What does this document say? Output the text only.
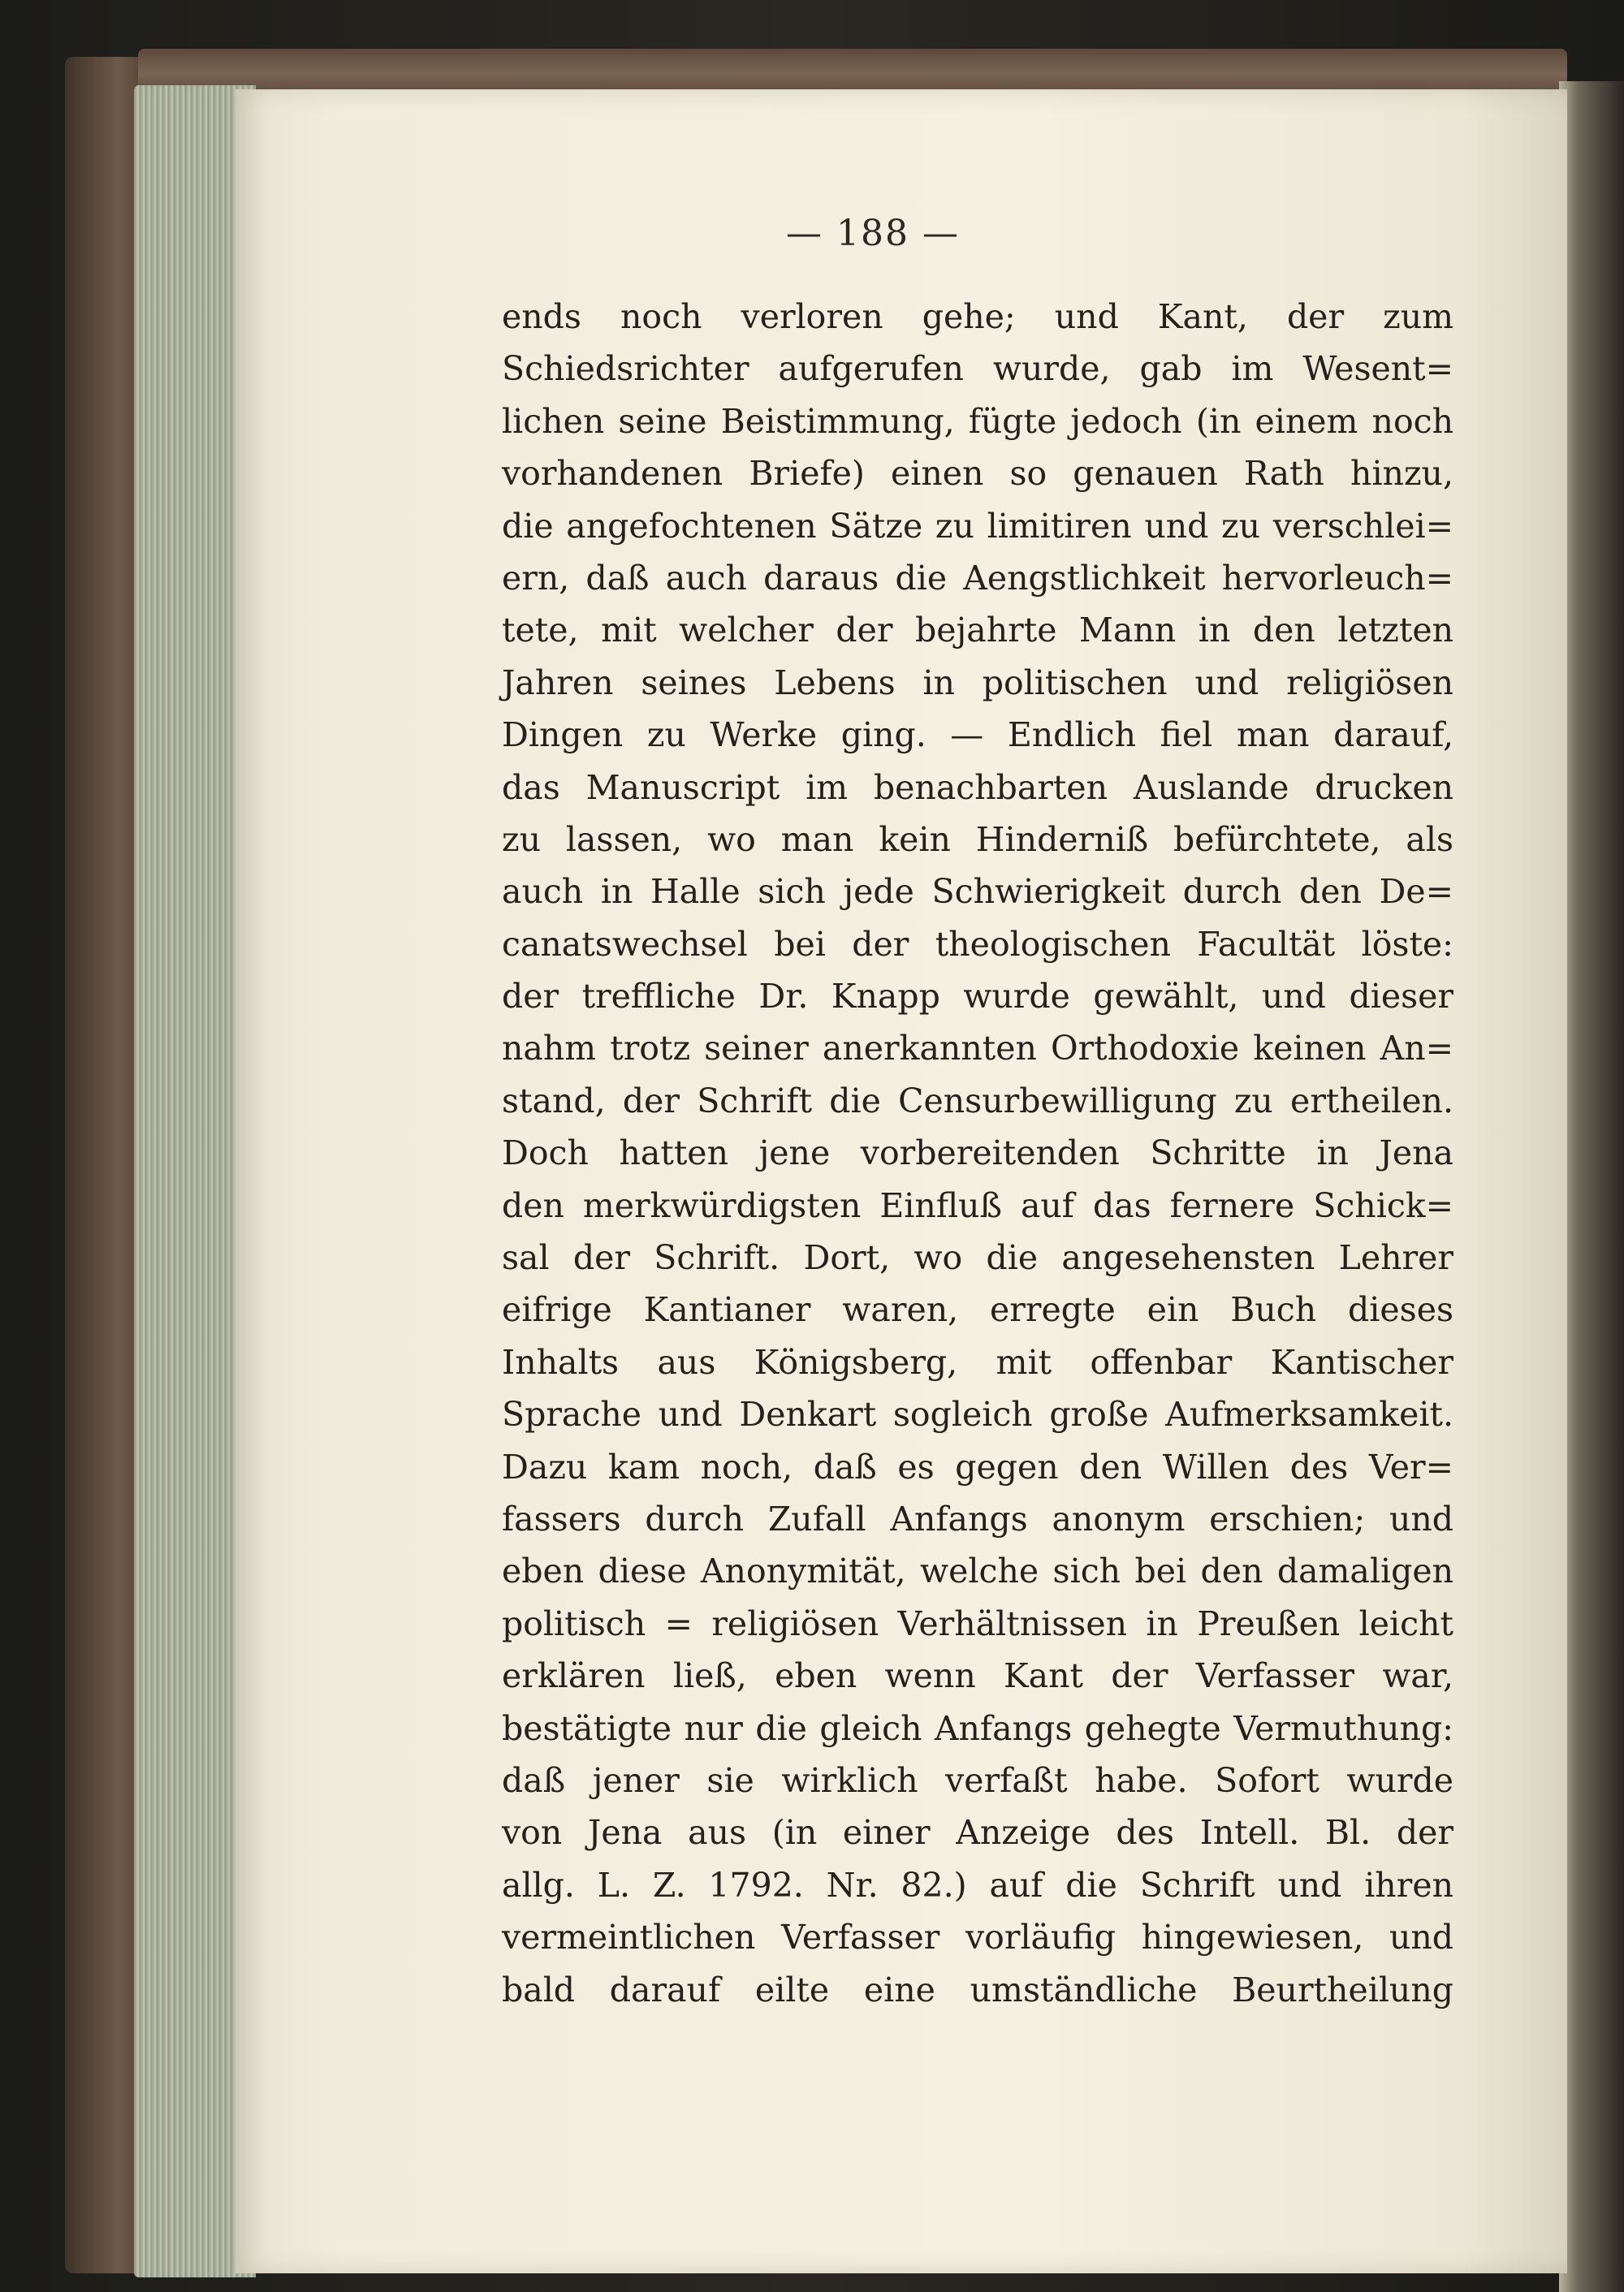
— 188 —
ends noch verloren gehe; und Kant, der zum
Schiedsrichter aufgerufen wurde, gab im Wesent=
lichen seine Beistimmung, fügte jedoch (in einem noch
vorhandenen Briefe) einen so genauen Rath hinzu,
die angefochtenen Sätze zu limitiren und zu verschlei=
ern, daß auch daraus die Aengstlichkeit hervorleuch=
tete, mit welcher der bejahrte Mann in den letzten
Jahren seines Lebens in politischen und religiösen
Dingen zu Werke ging. — Endlich fiel man darauf,
das Manuscript im benachbarten Auslande drucken
zu lassen, wo man kein Hinderniß befürchtete, als
auch in Halle sich jede Schwierigkeit durch den De=
canatswechsel bei der theologischen Facultät löste:
der treffliche Dr. Knapp wurde gewählt, und dieser
nahm trotz seiner anerkannten Orthodoxie keinen An=
stand, der Schrift die Censurbewilligung zu ertheilen.
Doch hatten jene vorbereitenden Schritte in Jena
den merkwürdigsten Einfluß auf das fernere Schick=
sal der Schrift. Dort, wo die angesehensten Lehrer
eifrige Kantianer waren, erregte ein Buch dieses
Inhalts aus Königsberg, mit offenbar Kantischer
Sprache und Denkart sogleich große Aufmerksamkeit.
Dazu kam noch, daß es gegen den Willen des Ver=
fassers durch Zufall Anfangs anonym erschien; und
eben diese Anonymität, welche sich bei den damaligen
politisch = religiösen Verhältnissen in Preußen leicht
erklären ließ, eben wenn Kant der Verfasser war,
bestätigte nur die gleich Anfangs gehegte Vermuthung:
daß jener sie wirklich verfaßt habe. Sofort wurde
von Jena aus (in einer Anzeige des Intell. Bl. der
allg. L. Z. 1792. Nr. 82.) auf die Schrift und ihren
vermeintlichen Verfasser vorläufig hingewiesen, und
bald darauf eilte eine umständliche Beurtheilung
